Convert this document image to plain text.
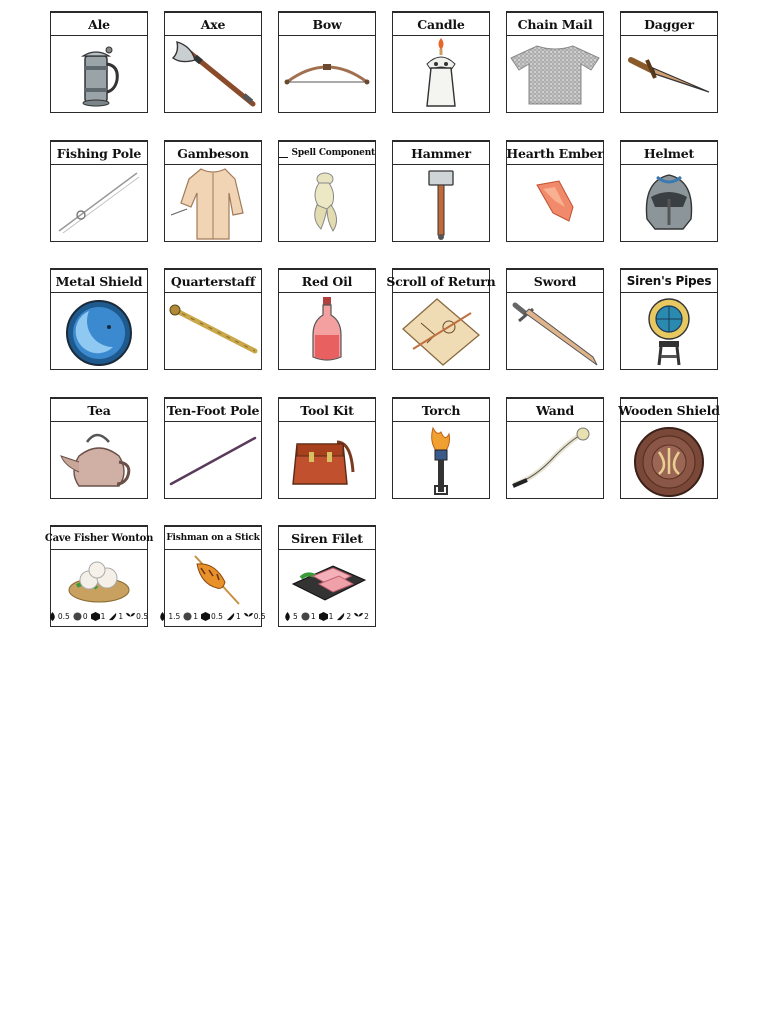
Ale	Axe	Bow	Candle	Chain Mail	Dagger
Fishing Pole	Gambeson	Spell Component	Hammer	Hearth Ember	Helmet
Metal Shield	Quarterstaff	Red Oil	Scroll of Return	Sword	Siren's Pipes
Tea	Ten-Foot Pole	Tool Kit	Torch	Wand	Wooden Shield
Cave Fisher Wonton
0.5 0 1 1 0.5
Fishman on a Stick
1.5 1 0.5 1 0.5
Siren Filet
5 1 1 2 2
